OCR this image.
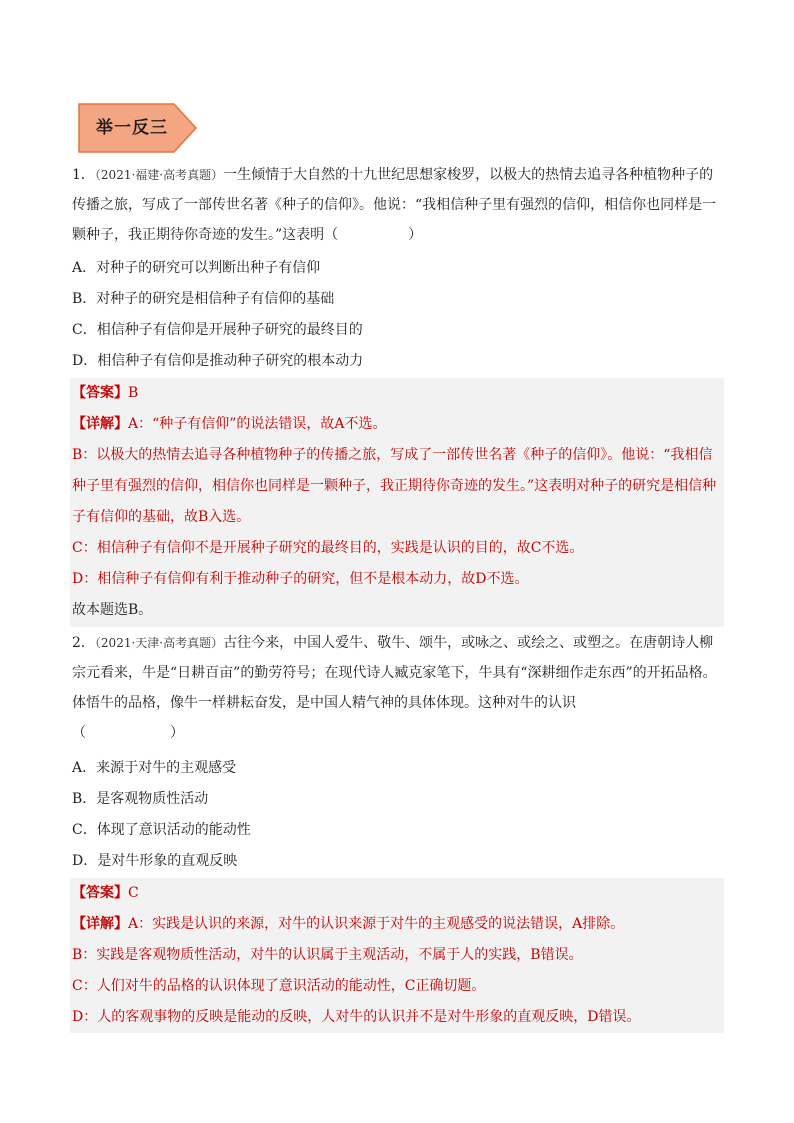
举一反三

1．（2021·福建·高考真题）一生倾情于大自然的十九世纪思想家梭罗，以极大的热情去追寻各种植物种子的传播之旅，写成了一部传世名著《种子的信仰》。他说：“我相信种子里有强烈的信仰，相信你也同样是一颗种子，我正期待你奇迹的发生。”这表明（　　　　　）

A．对种子的研究可以判断出种子有信仰

B．对种子的研究是相信种子有信仰的基础

C．相信种子有信仰是开展种子研究的最终目的

D．相信种子有信仰是推动种子研究的根本动力

【答案】B

【详解】A：“种子有信仰”的说法错误，故A不选。

B：以极大的热情去追寻各种植物种子的传播之旅，写成了一部传世名著《种子的信仰》。他说：“我相信种子里有强烈的信仰，相信你也同样是一颗种子，我正期待你奇迹的发生。”这表明对种子的研究是相信种子有信仰的基础，故B入选。

C：相信种子有信仰不是开展种子研究的最终目的，实践是认识的目的，故C不选。

D：相信种子有信仰有利于推动种子的研究，但不是根本动力，故D不选。

故本题选B。

2．（2021·天津·高考真题）古往今来，中国人爱牛、敬牛、颂牛，或咏之、或绘之、或塑之。在唐朝诗人柳宗元看来，牛是“日耕百亩”的勤劳符号；在现代诗人臧克家笔下，牛具有“深耕细作走东西”的开拓品格。体悟牛的品格，像牛一样耕耘奋发，是中国人精气神的具体体现。这种对牛的认识

（　　　　　　）

A．来源于对牛的主观感受

B．是客观物质性活动

C．体现了意识活动的能动性

D．是对牛形象的直观反映

【答案】C

【详解】A：实践是认识的来源，对牛的认识来源于对牛的主观感受的说法错误，A排除。

B：实践是客观物质性活动，对牛的认识属于主观活动，不属于人的实践，B错误。

C：人们对牛的品格的认识体现了意识活动的能动性，C正确切题。

D：人的客观事物的反映是能动的反映，人对牛的认识并不是对牛形象的直观反映，D错误。
